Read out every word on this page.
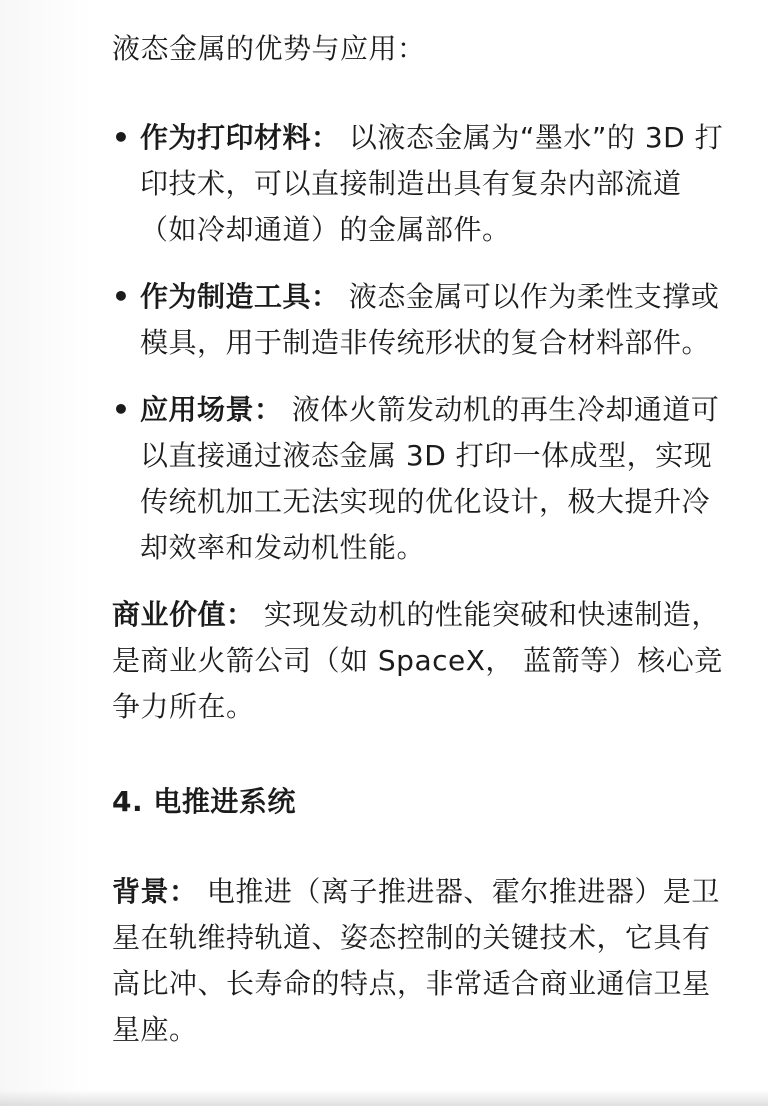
液态金属的优势与应用：
• 作为打印材料： 以液态金属为“墨水”的 3D 打印技术，可以直接制造出具有复杂内部流道（如冷却通道）的金属部件。
• 作为制造工具： 液态金属可以作为柔性支撑或模具，用于制造非传统形状的复合材料部件。
• 应用场景： 液体火箭发动机的再生冷却通道可以直接通过液态金属 3D 打印一体成型，实现传统机加工无法实现的优化设计，极大提升冷却效率和发动机性能。

商业价值： 实现发动机的性能突破和快速制造，是商业火箭公司（如 SpaceX， 蓝箭等）核心竞争力所在。

4. 电推进系统

背景： 电推进（离子推进器、霍尔推进器）是卫星在轨维持轨道、姿态控制的关键技术，它具有高比冲、长寿命的特点，非常适合商业通信卫星星座。
